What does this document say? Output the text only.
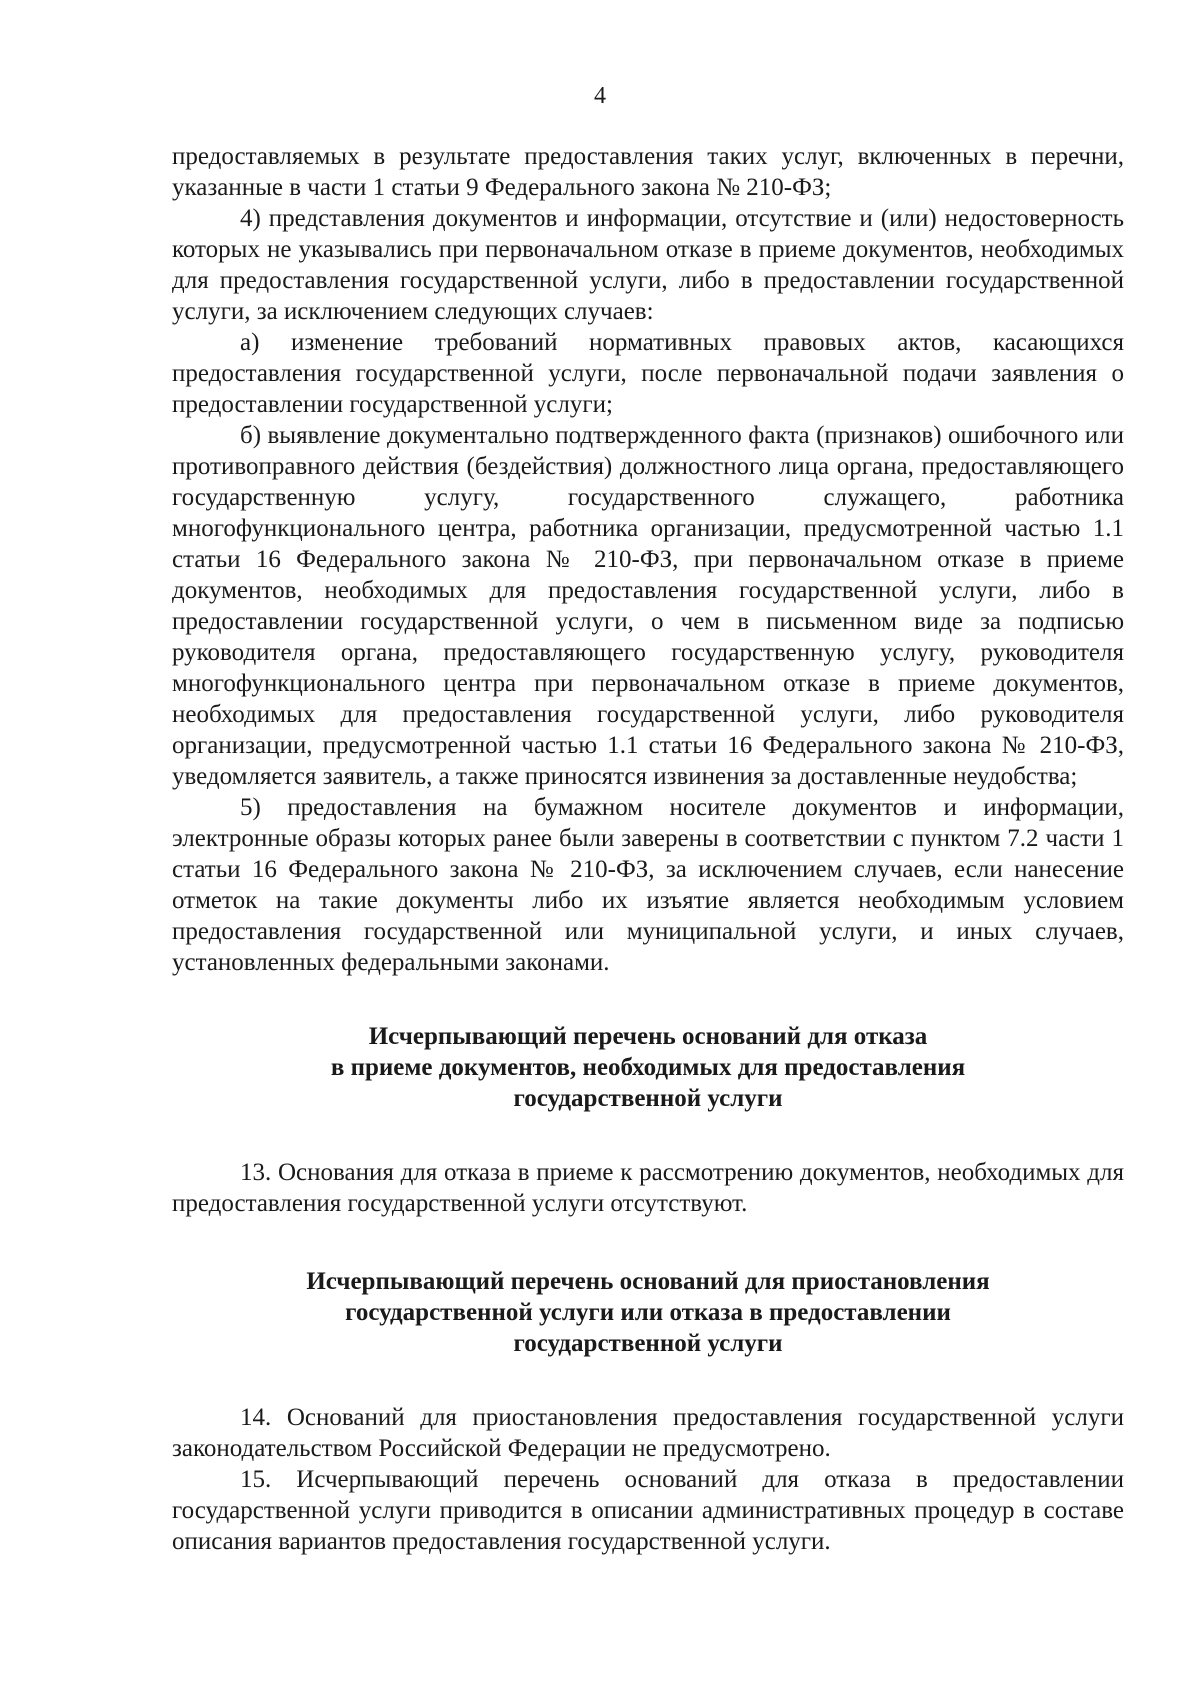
4

предоставляемых в результате предоставления таких услуг, включенных в перечни, указанные в части 1 статьи 9 Федерального закона № 210-ФЗ;

4) представления документов и информации, отсутствие и (или) недостоверность которых не указывались при первоначальном отказе в приеме документов, необходимых для предоставления государственной услуги, либо в предоставлении государственной услуги, за исключением следующих случаев:

а) изменение требований нормативных правовых актов, касающихся предоставления государственной услуги, после первоначальной подачи заявления о предоставлении государственной услуги;

б) выявление документально подтвержденного факта (признаков) ошибочного или противоправного действия (бездействия) должностного лица органа, предоставляющего государственную услугу, государственного служащего, работника многофункционального центра, работника организации, предусмотренной частью 1.1 статьи 16 Федерального закона № 210-ФЗ, при первоначальном отказе в приеме документов, необходимых для предоставления государственной услуги, либо в предоставлении государственной услуги, о чем в письменном виде за подписью руководителя органа, предоставляющего государственную услугу, руководителя многофункционального центра при первоначальном отказе в приеме документов, необходимых для предоставления государственной услуги, либо руководителя организации, предусмотренной частью 1.1 статьи 16 Федерального закона № 210-ФЗ, уведомляется заявитель, а также приносятся извинения за доставленные неудобства;

5) предоставления на бумажном носителе документов и информации, электронные образы которых ранее были заверены в соответствии с пунктом 7.2 части 1 статьи 16 Федерального закона № 210-ФЗ, за исключением случаев, если нанесение отметок на такие документы либо их изъятие является необходимым условием предоставления государственной или муниципальной услуги, и иных случаев, установленных федеральными законами.

Исчерпывающий перечень оснований для отказа
в приеме документов, необходимых для предоставления
государственной услуги

13. Основания для отказа в приеме к рассмотрению документов, необходимых для предоставления государственной услуги отсутствуют.

Исчерпывающий перечень оснований для приостановления
государственной услуги или отказа в предоставлении
государственной услуги

14. Оснований для приостановления предоставления государственной услуги законодательством Российской Федерации не предусмотрено.

15. Исчерпывающий перечень оснований для отказа в предоставлении государственной услуги приводится в описании административных процедур в составе описания вариантов предоставления государственной услуги.
